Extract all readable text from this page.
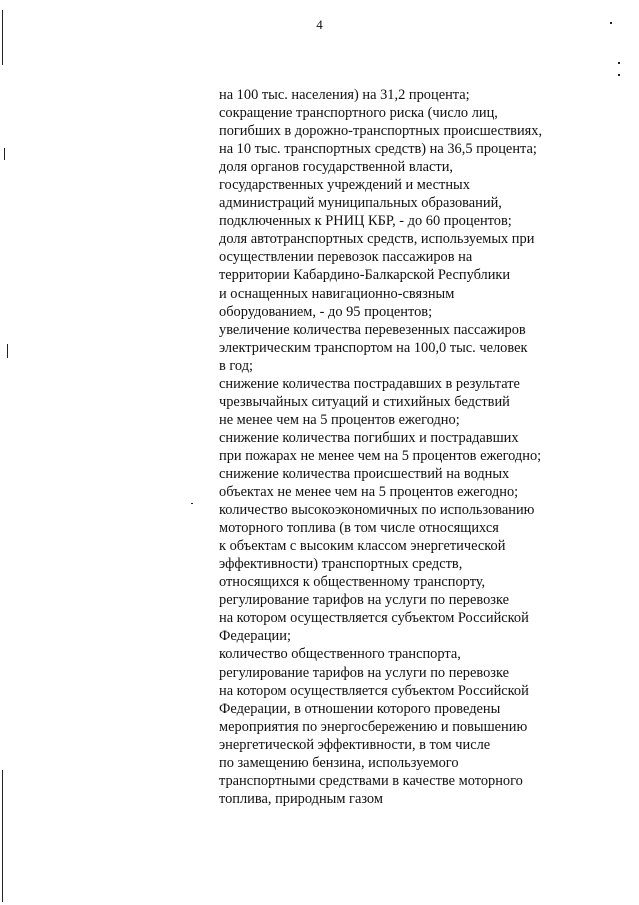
4
на 100 тыс. населения) на 31,2 процента;
сокращение транспортного риска (число лиц,
погибших в дорожно-транспортных происшествиях,
на 10 тыс. транспортных средств) на 36,5 процента;
доля органов государственной власти,
государственных учреждений и местных
администраций муниципальных образований,
подключенных к РНИЦ КБР, - до 60 процентов;
доля автотранспортных средств, используемых при
осуществлении перевозок пассажиров на
территории Кабардино-Балкарской Республики
и оснащенных навигационно-связным
оборудованием, - до 95 процентов;
увеличение количества перевезенных пассажиров
электрическим транспортом на 100,0 тыс. человек
в год;
снижение количества пострадавших в результате
чрезвычайных ситуаций и стихийных бедствий
не менее чем на 5 процентов ежегодно;
снижение количества погибших и пострадавших
при пожарах не менее чем на 5 процентов ежегодно;
снижение количества происшествий на водных
объектах не менее чем на 5 процентов ежегодно;
количество высокоэкономичных по использованию
моторного топлива (в том числе относящихся
к объектам с высоким классом энергетической
эффективности) транспортных средств,
относящихся к общественному транспорту,
регулирование тарифов на услуги по перевозке
на котором осуществляется субъектом Российской
Федерации;
количество общественного транспорта,
регулирование тарифов на услуги по перевозке
на котором осуществляется субъектом Российской
Федерации, в отношении которого проведены
мероприятия по энергосбережению и повышению
энергетической эффективности, в том числе
по замещению бензина, используемого
транспортными средствами в качестве моторного
топлива, природным газом
